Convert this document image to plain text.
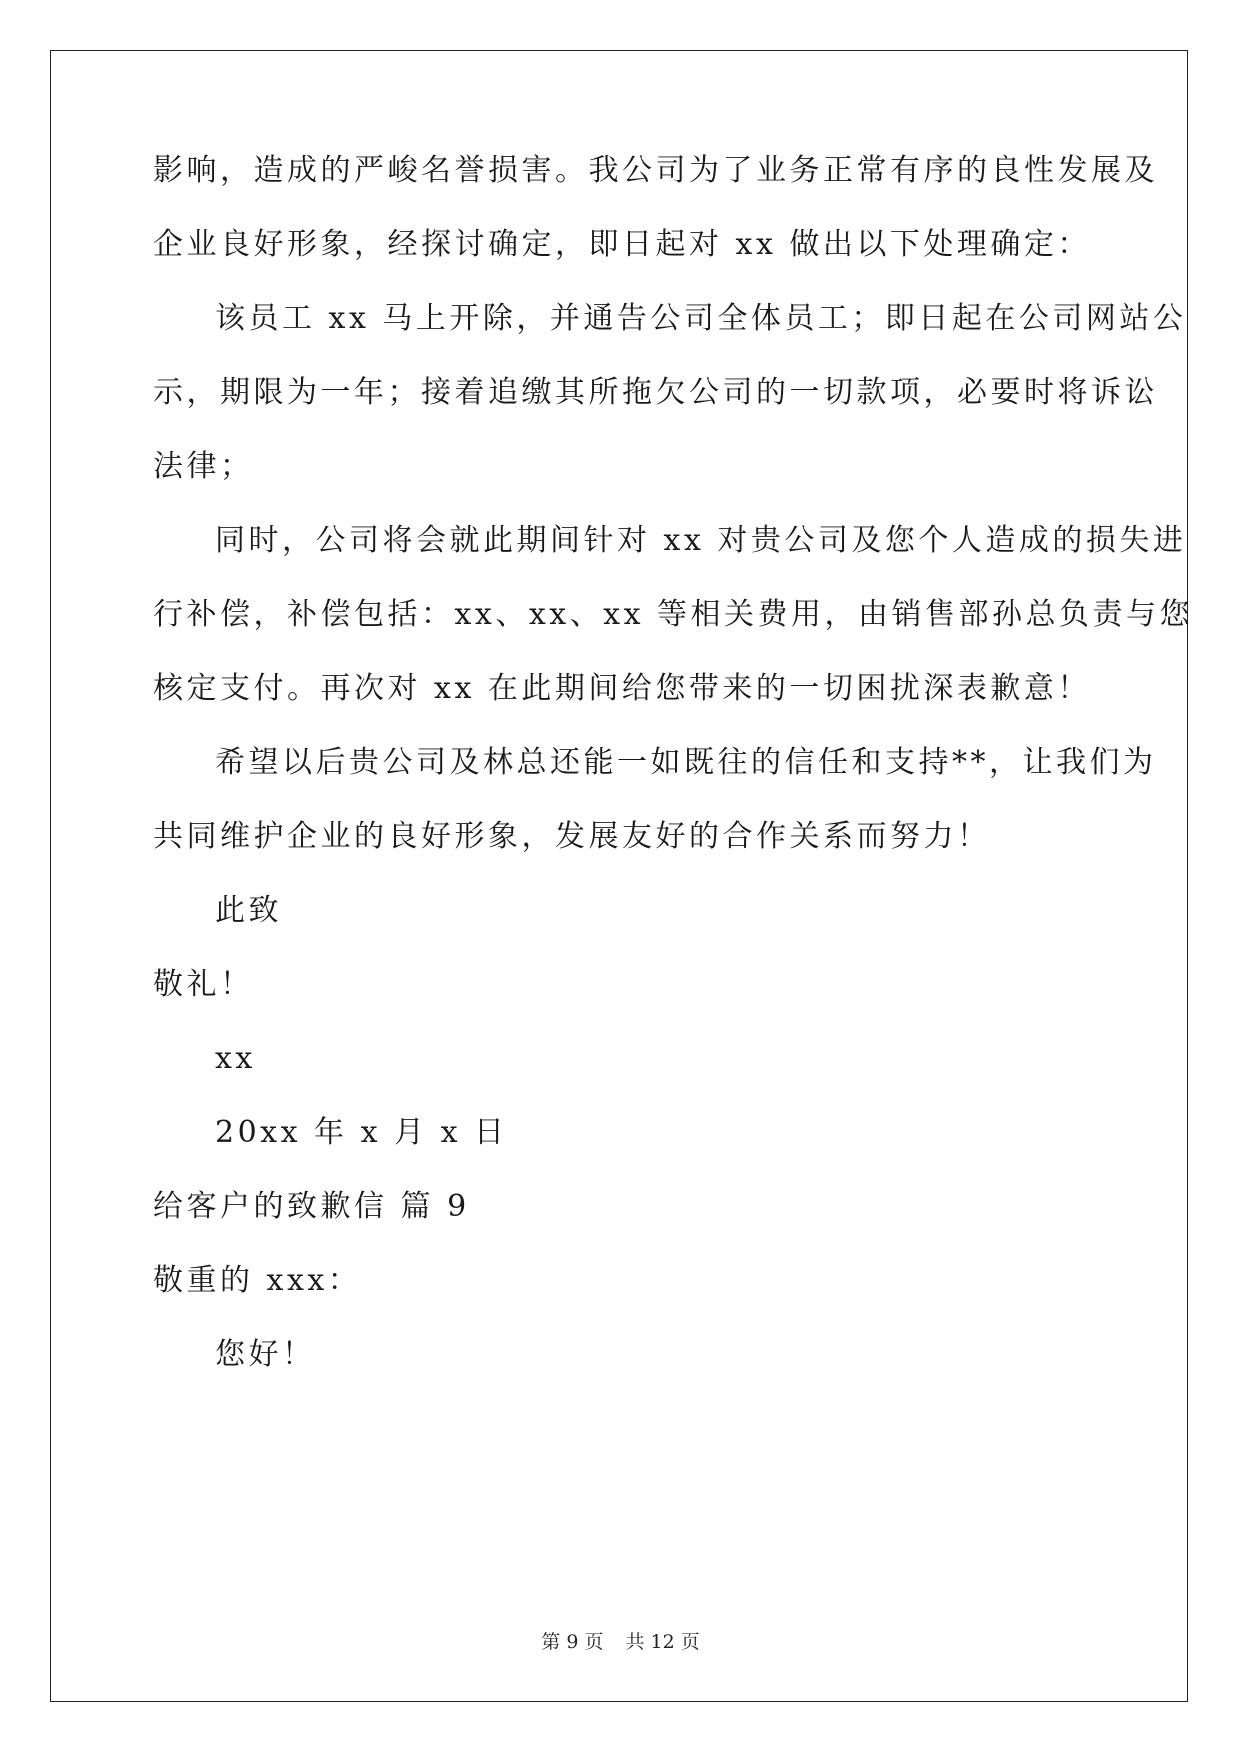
影响，造成的严峻名誉损害。我公司为了业务正常有序的良性发展及
企业良好形象，经探讨确定，即日起对 xx 做出以下处理确定：
该员工 xx 马上开除，并通告公司全体员工；即日起在公司网站公
示，期限为一年；接着追缴其所拖欠公司的一切款项，必要时将诉讼
法律；
同时，公司将会就此期间针对 xx 对贵公司及您个人造成的损失进
行补偿，补偿包括：xx、xx、xx 等相关费用，由销售部孙总负责与您
核定支付。再次对 xx 在此期间给您带来的一切困扰深表歉意！
希望以后贵公司及林总还能一如既往的信任和支持**，让我们为
共同维护企业的良好形象，发展友好的合作关系而努力！
此致
敬礼！
xx
20xx 年 x 月 x 日
给客户的致歉信 篇 9
敬重的 xxx：
您好！
第 9 页 共 12 页
